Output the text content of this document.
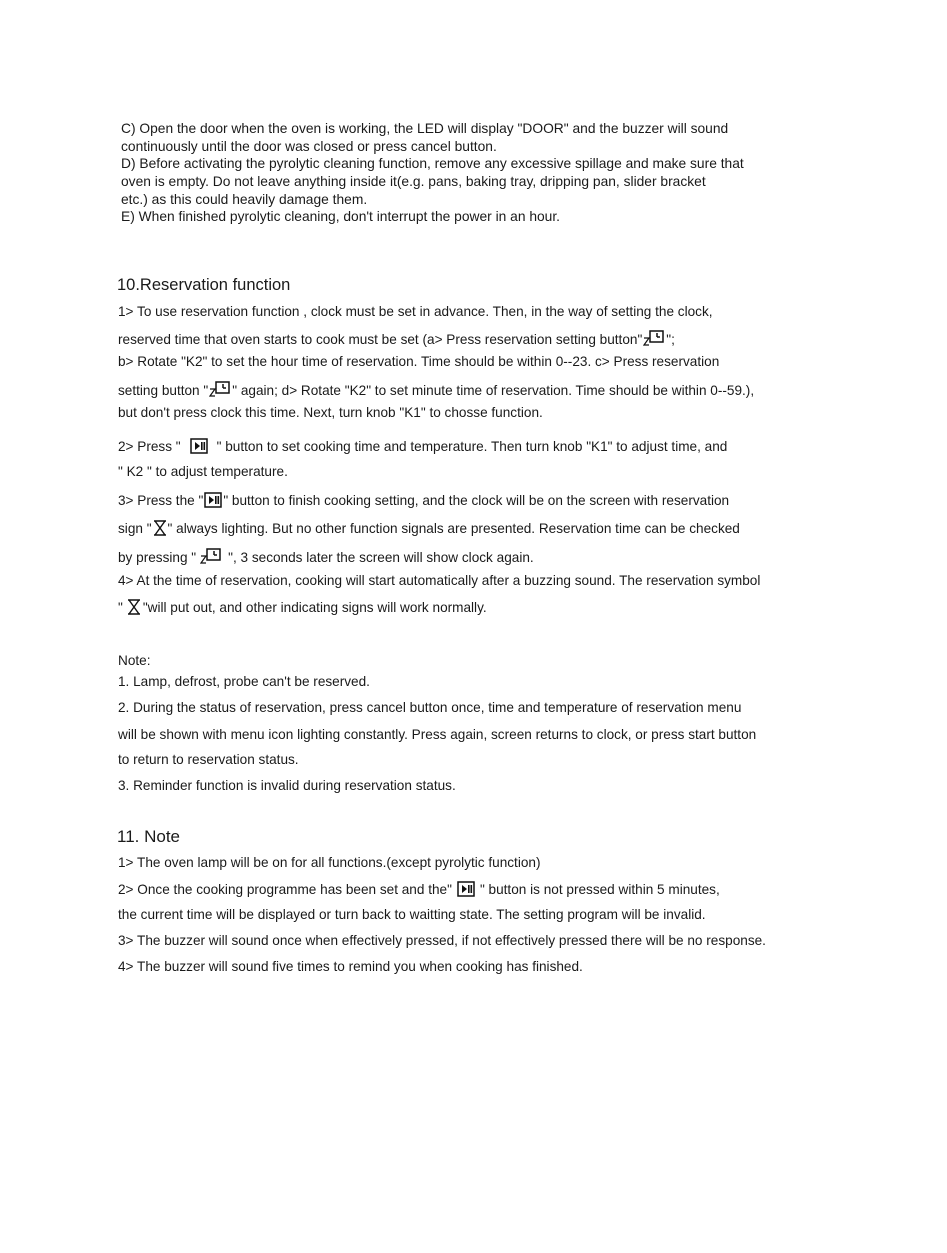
C) Open the door when the oven is working, the LED will display "DOOR" and the buzzer will sound
continuously until the door was closed or press cancel button.
D) Before activating the pyrolytic cleaning function, remove any excessive spillage and make sure that
oven is empty. Do not leave anything inside it(e.g. pans, baking tray, dripping pan, slider bracket
etc.) as this could heavily damage them.
E) When finished pyrolytic cleaning, don't interrupt the power in an hour.
10.Reservation function
1> To use reservation function , clock must be set in advance. Then, in the way of setting the clock,
reserved time that oven starts to cook must be set (a> Press reservation setting button" ";
b> Rotate "K2" to set the hour time of reservation. Time should be within 0--23. c> Press reservation
setting button " " again; d> Rotate "K2" to set minute time of reservation. Time should be within 0--59.),
but don't press clock this time. Next, turn knob "K1" to chosse function.
2> Press "	" button to set cooking time and temperature. Then turn knob "K1" to adjust time, and
" K2 " to adjust temperature.
3> Press the " " button to finish cooking setting, and the clock will be on the screen with reservation
sign " " always lighting. But no other function signals are presented. Reservation time can be checked
by pressing " ", 3 seconds later the screen will show clock again.
4> At the time of reservation, cooking will start automatically after a buzzing sound. The reservation symbol
" "will put out, and other indicating signs will work normally.
Note:
1. Lamp, defrost, probe can't be reserved.
2. During the status of reservation, press cancel button once, time and temperature of reservation menu
will be shown with menu icon lighting constantly. Press again, screen returns to clock, or press start button
to return to reservation status.
3. Reminder function is invalid during reservation status.
11. Note
1> The oven lamp will be on for all functions.(except pyrolytic function)
2> Once the cooking programme has been set and the" " button is not pressed within 5 minutes,
the current time will be displayed or turn back to waitting state. The setting program will be invalid.
3> The buzzer will sound once when effectively pressed, if not effectively pressed there will be no response.
4> The buzzer will sound five times to remind you when cooking has finished.
